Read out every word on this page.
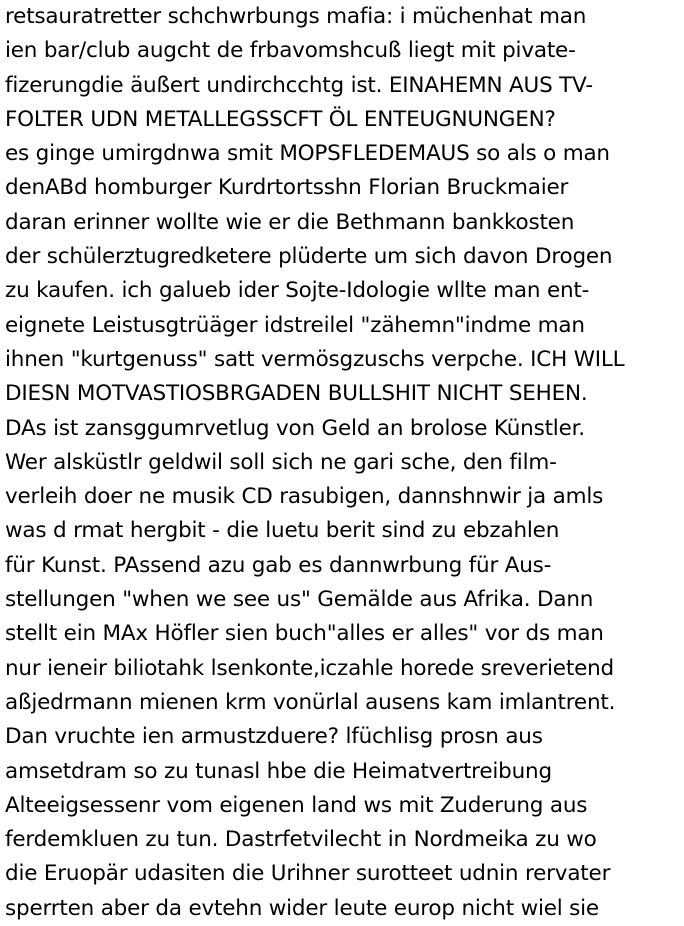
retsauratretter schchwrbungs mafia: i müchenhat man
ien bar/club augcht de frbavomshcuß liegt mit pivate-
fizerungdie äußert undirchcchtg ist. EINAHEMN AUS TV-
FOLTER UDN METALLEGSSCFT ÖL ENTEUGNUNGEN?
es ginge umirgdnwa smit MOPSFLEDEMAUS so als o man
denABd homburger Kurdrtortsshn Florian Bruckmaier
daran erinner wollte wie er die Bethmann bankkosten
der schülerztugredketere plüderte um sich davon Drogen
zu kaufen. ich galueb ider Sojte-Idologie wllte man ent-
eignete Leistusgtrüäger idstreilel "zähemn"indme man
ihnen "kurtgenuss" satt vermösgzuschs verpche. ICH WILL
DIESN MOTVASTIOSBRGADEN BULLSHIT NICHT SEHEN.
DAs ist zansggumrvetlug von Geld an brolose Künstler.
Wer alsküstlr geldwil soll sich ne gari sche, den film-
verleih doer ne musik CD rasubigen, dannshnwir ja amls
was d rmat hergbit - die luetu berit sind zu ebzahlen
für Kunst. PAssend azu gab es dannwrbung für Aus-
stellungen "when we see us" Gemälde aus Afrika. Dann
stellt ein MAx Höfler sien buch"alles er alles" vor ds man
nur ieneir biliotahk lsenkonte,iczahle horede sreverietend
aßjedrmann mienen krm vonürlal ausens kam imlantrent.
Dan vruchte ien armustzduere? lfüchlisg prosn aus
amsetdram so zu tunasl hbe die Heimatvertreibung
Alteeigsessenr vom eigenen land ws mit Zuderung aus
ferdemkluen zu tun. Dastrfetvilecht in Nordmeika zu wo
die Eruopär udasiten die Urihner surotteet udnin rervater
sperrten aber da evtehn wider leute europ nicht wiel sie
